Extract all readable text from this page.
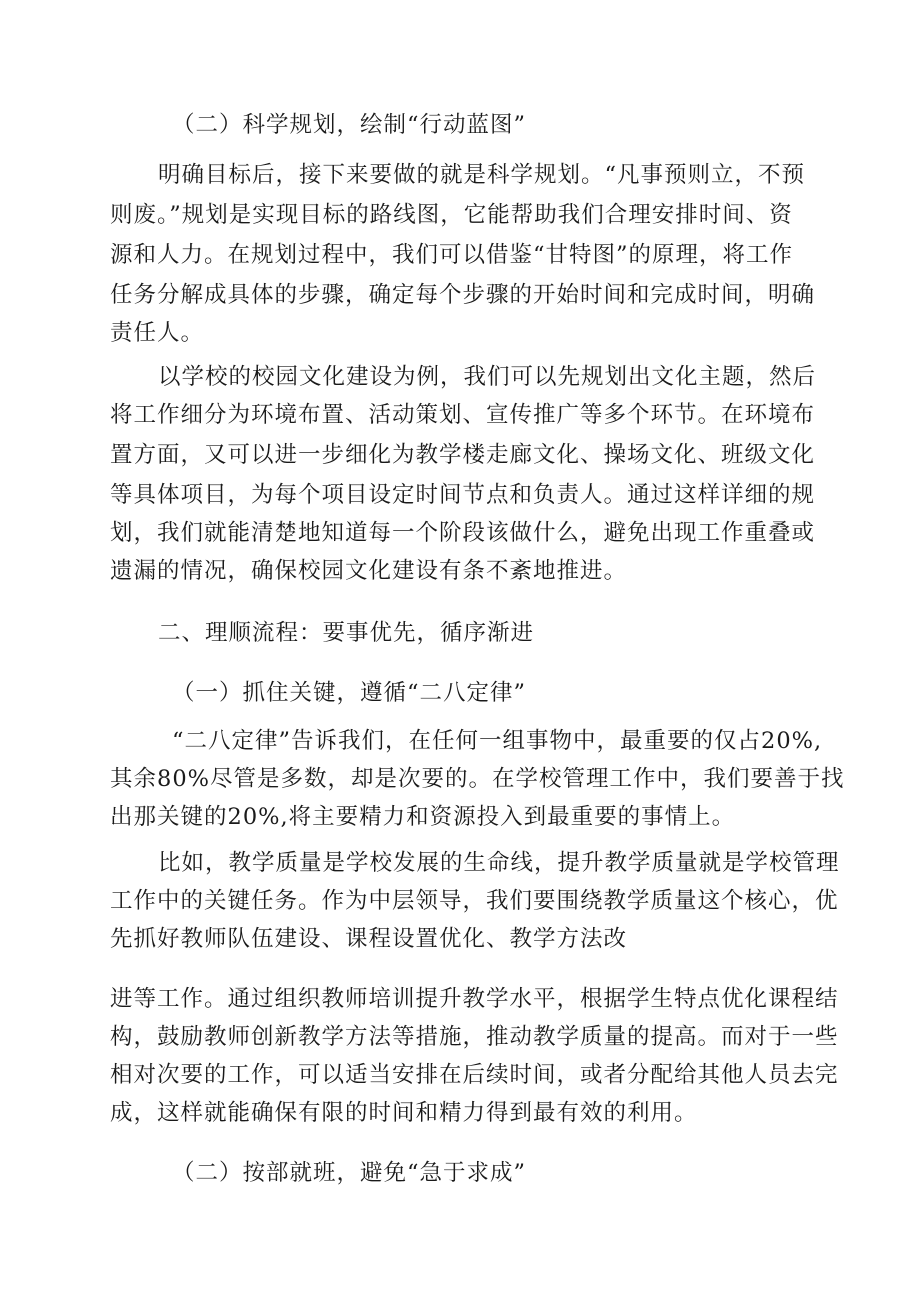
（二）科学规划，绘制“行动蓝图”
明确目标后，接下来要做的就是科学规划。“凡事预则立，不预
则废。”规划是实现目标的路线图，它能帮助我们合理安排时间、资
源和人力。在规划过程中，我们可以借鉴“甘特图”的原理，将工作
任务分解成具体的步骤，确定每个步骤的开始时间和完成时间，明确
责任人。
以学校的校园文化建设为例，我们可以先规划出文化主题，然后
将工作细分为环境布置、活动策划、宣传推广等多个环节。在环境布
置方面，又可以进一步细化为教学楼走廊文化、操场文化、班级文化
等具体项目，为每个项目设定时间节点和负责人。通过这样详细的规
划，我们就能清楚地知道每一个阶段该做什么，避免出现工作重叠或
遗漏的情况，确保校园文化建设有条不紊地推进。
二、理顺流程：要事优先，循序渐进
（一）抓住关键，遵循“二八定律”
“二八定律”告诉我们，在任何一组事物中，最重要的仅占20%,
其余80%尽管是多数，却是次要的。在学校管理工作中，我们要善于找
出那关键的20%,将主要精力和资源投入到最重要的事情上。
比如，教学质量是学校发展的生命线，提升教学质量就是学校管理
工作中的关键任务。作为中层领导，我们要围绕教学质量这个核心，优
先抓好教师队伍建设、课程设置优化、教学方法改
进等工作。通过组织教师培训提升教学水平，根据学生特点优化课程结
构，鼓励教师创新教学方法等措施，推动教学质量的提高。而对于一些
相对次要的工作，可以适当安排在后续时间，或者分配给其他人员去完
成，这样就能确保有限的时间和精力得到最有效的利用。
（二）按部就班，避免“急于求成”
